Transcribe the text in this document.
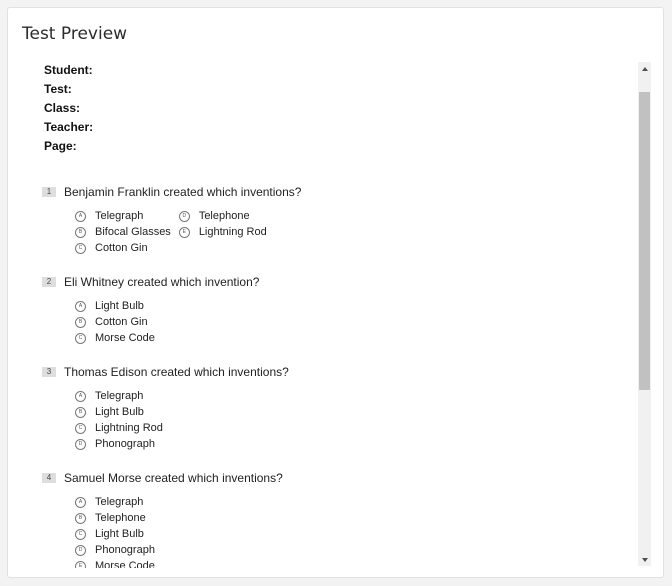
Test Preview
Student:
Test:
Class:
Teacher:
Page:
1	Benjamin Franklin created which inventions?
A	Telegraph
B	Bifocal Glasses
C	Cotton Gin
D	Telephone
E	Lightning Rod
2	Eli Whitney created which invention?
A	Light Bulb
B	Cotton Gin
C	Morse Code
3	Thomas Edison created which inventions?
A	Telegraph
B	Light Bulb
C	Lightning Rod
D	Phonograph
4	Samuel Morse created which inventions?
A	Telegraph
B	Telephone
C	Light Bulb
D	Phonograph
E	Morse Code
